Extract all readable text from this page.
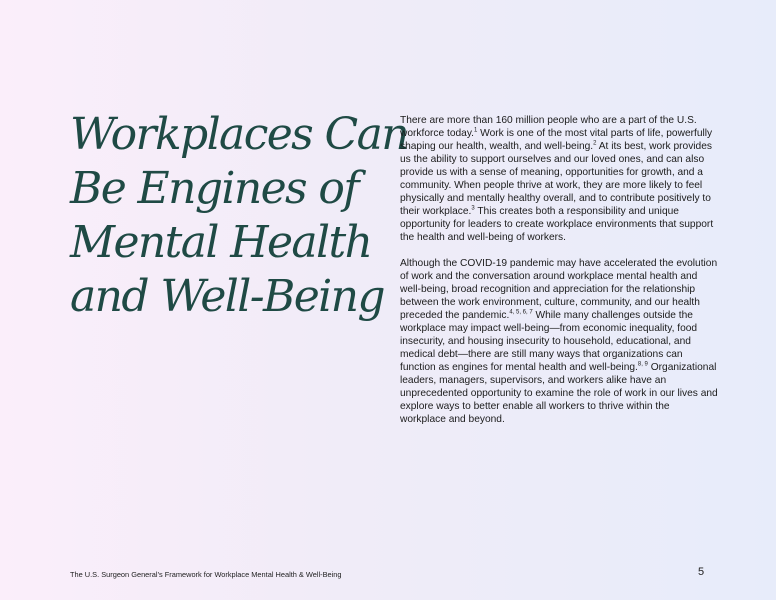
Workplaces Can
Be Engines of
Mental Health
and Well-Being

There are more than 160 million people who are a part of the U.S. workforce today.$^1$ Work is one of the most vital parts of life, powerfully shaping our health, wealth, and well-being.$^2$ At its best, work provides us the ability to support ourselves and our loved ones, and can also provide us with a sense of meaning, opportunities for growth, and a community. When people thrive at work, they are more likely to feel physically and mentally healthy overall, and to contribute positively to their workplace.$^3$ This creates both a responsibility and unique opportunity for leaders to create workplace environments that support the health and well-being of workers.

Although the COVID-19 pandemic may have accelerated the evolution of work and the conversation around workplace mental health and well-being, broad recognition and appreciation for the relationship between the work environment, culture, community, and our health preceded the pandemic.$^{4, 5, 6, 7}$ While many challenges outside the workplace may impact well-being—from economic inequality, food insecurity, and housing insecurity to household, educational, and medical debt—there are still many ways that organizations can function as engines for mental health and well-being.$^{8, 9}$ Organizational leaders, managers, supervisors, and workers alike have an unprecedented opportunity to examine the role of work in our lives and explore ways to better enable all workers to thrive within the workplace and beyond.

The U.S. Surgeon General’s Framework for Workplace Mental Health & Well-Being	5
